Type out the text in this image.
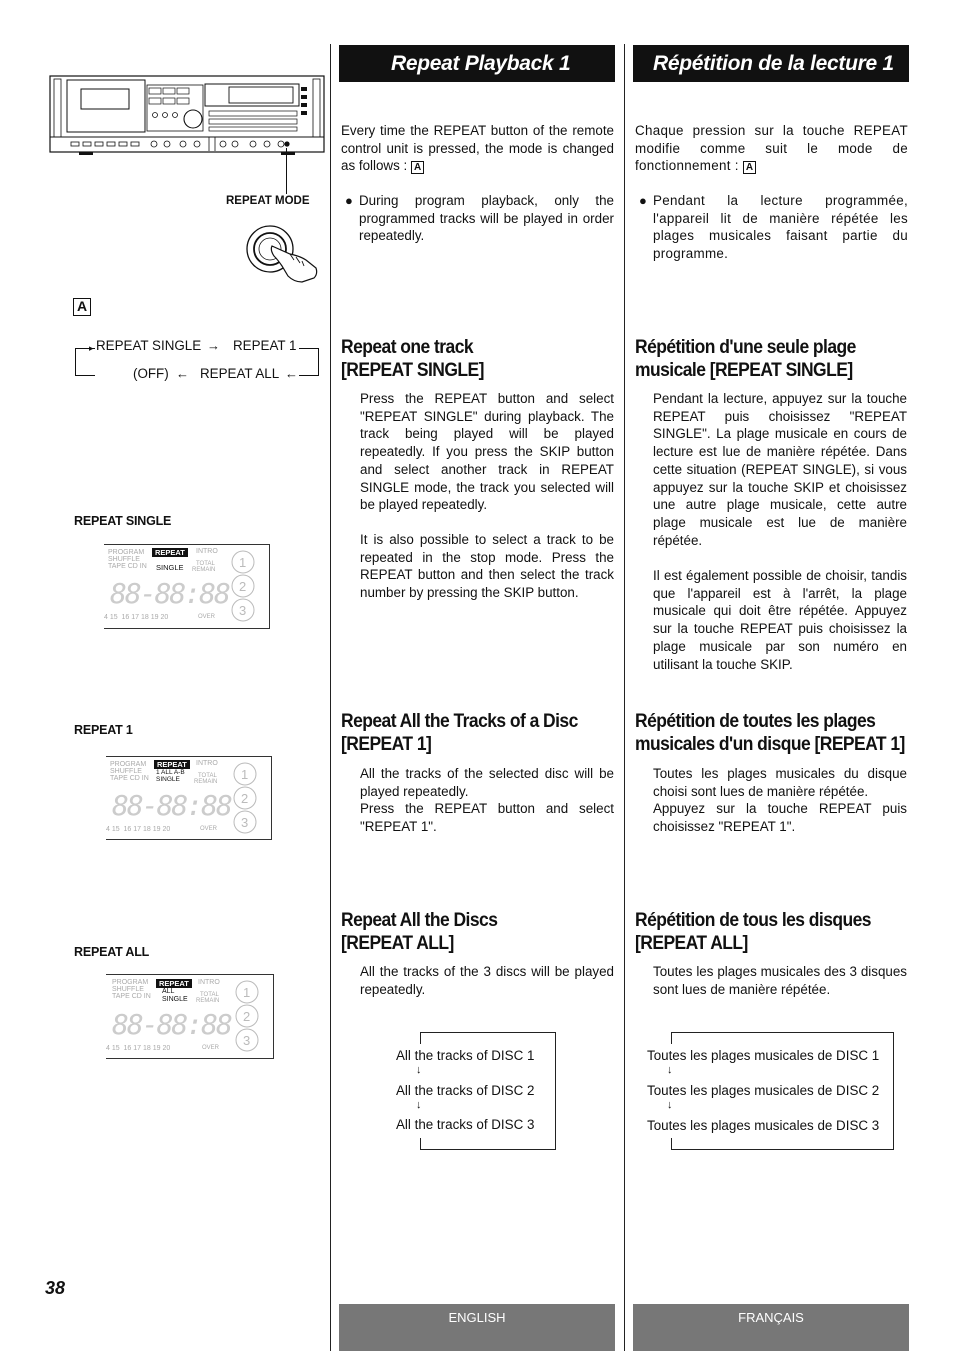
REPEAT MODE
A
▸ REPEAT SINGLE → REPEAT 1
(OFF) ← REPEAT ALL ←
REPEAT SINGLE
PROGRAM
SHUFFLE
TAPE CD IN
REPEAT
SINGLE
INTRO
TOTAL
REMAIN
88-88:88
4 15  16 17 18 19 20	OVER
1
2
3
REPEAT 1
PROGRAM
SHUFFLE
TAPE CD IN
REPEAT
1 ALL A-B SINGLE
INTRO
TOTAL
REMAIN
88-88:88
4 15  16 17 18 19 20	OVER
1
2
3
REPEAT ALL
PROGRAM
SHUFFLE
TAPE CD IN
REPEAT
ALL SINGLE
INTRO
TOTAL
REMAIN
88-88:88
4 15  16 17 18 19 20	OVER
1
2
3
38
Repeat Playback 1
Every time the REPEAT button of the remote control unit is pressed, the mode is changed as follows : A
● During program playback, only the programmed tracks will be played in order repeatedly.
Repeat one track
[REPEAT SINGLE]
Press the REPEAT button and select "REPEAT SINGLE" during playback. The track being played will be played repeatedly. If you press the SKIP button and select another track in REPEAT SINGLE mode, the track you selected will be played repeatedly.
It is also possible to select a track to be repeated in the stop mode. Press the REPEAT button and then select the track number by pressing the SKIP button.
Repeat All the Tracks of a Disc
[REPEAT 1]
All the tracks of the selected disc will be played repeatedly.
Press the REPEAT button and select "REPEAT 1".
Repeat All the Discs
[REPEAT ALL]
All the tracks of the 3 discs will be played repeatedly.
All the tracks of DISC 1
↓
All the tracks of DISC 2
↓
All the tracks of DISC 3
ENGLISH
Répétition de la lecture 1
Chaque pression sur la touche REPEAT modifie comme suit le mode de fonctionnement : A
● Pendant la lecture programmée, l'appareil lit de manière répétée les plages musicales faisant partie du programme.
Répétition d'une seule plage
musicale [REPEAT SINGLE]
Pendant la lecture, appuyez sur la touche REPEAT puis choisissez "REPEAT SINGLE". La plage musicale en cours de lecture est lue de manière répétée. Dans cette situation (REPEAT SINGLE), si vous appuyez sur la touche SKIP et choisissez une autre plage musicale, cette autre plage musicale est lue de manière répétée.
Il est également possible de choisir, tandis que l'appareil est à l'arrêt, la plage musicale qui doit être répétée. Appuyez sur la touche REPEAT puis choisissez la plage musicale par son numéro en utilisant la touche SKIP.
Répétition de toutes les plages
musicales d'un disque [REPEAT 1]
Toutes les plages musicales du disque choisi sont lues de manière répétée.
Appuyez sur la touche REPEAT puis choisissez "REPEAT 1".
Répétition de tous les disques
[REPEAT ALL]
Toutes les plages musicales des 3 disques sont lues de manière répétée.
Toutes les plages musicales de DISC 1
↓
Toutes les plages musicales de DISC 2
↓
Toutes les plages musicales de DISC 3
FRANÇAIS
